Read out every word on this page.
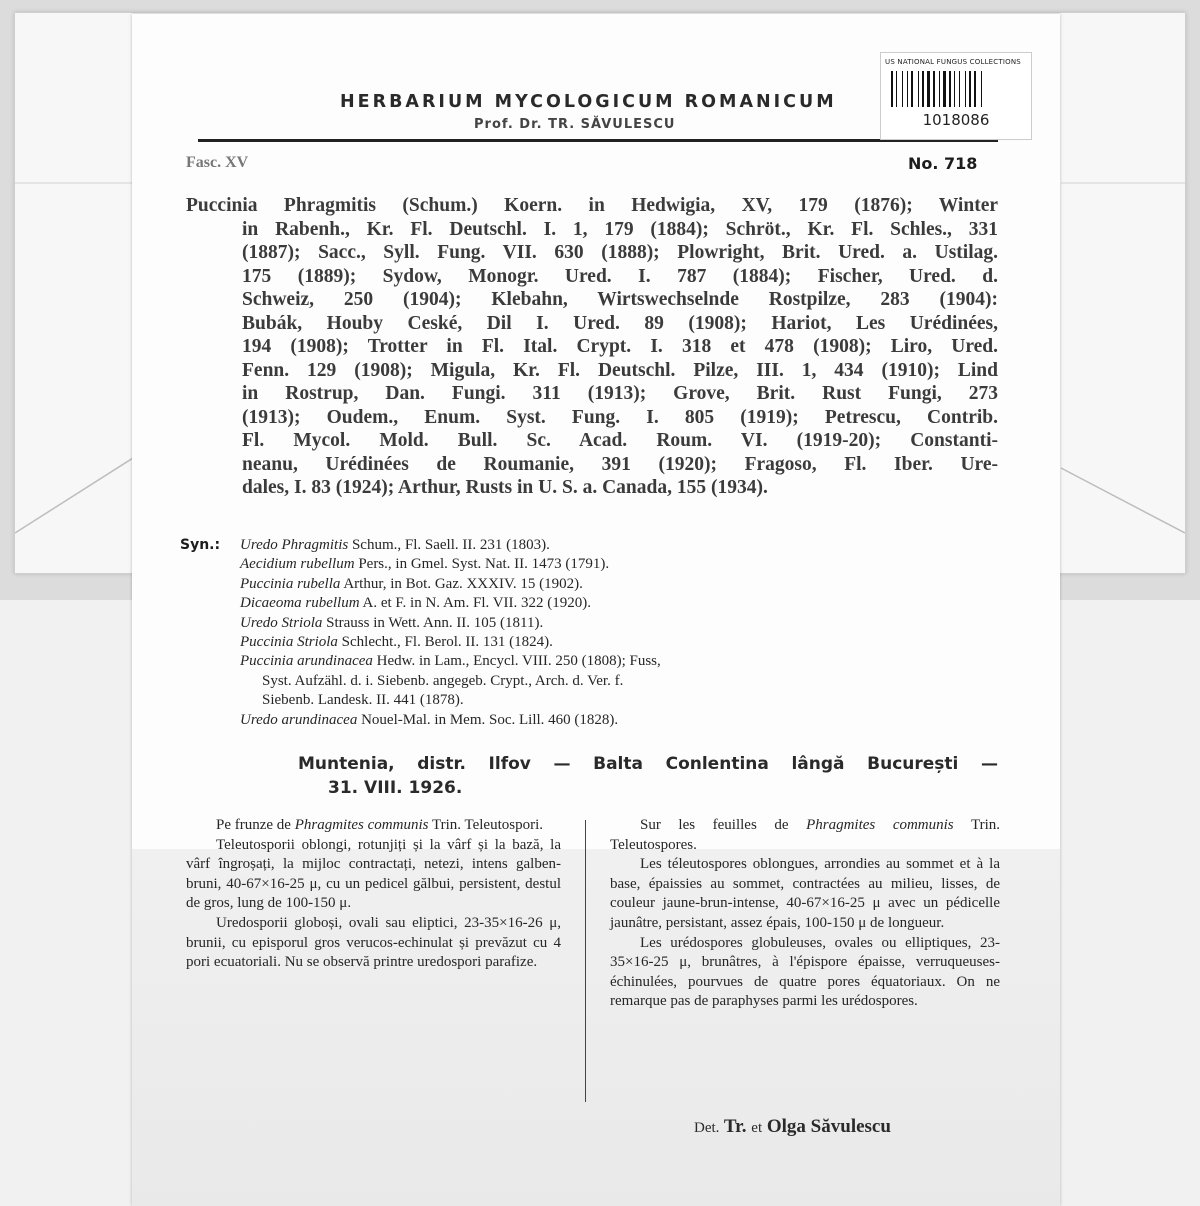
HERBARIUM MYCOLOGICUM ROMANICUM
Prof. Dr. TR. SĂVULESCU
US NATIONAL FUNGUS COLLECTIONS
1018086
Fasc. XV	No. 718

Puccinia Phragmitis (Schum.) Koern. in Hedwigia, XV, 179 (1876); Winter

in Rabenh., Kr. Fl. Deutschl. I. 1, 179 (1884); Schröt., Kr. Fl. Schles., 331

(1887); Sacc., Syll. Fung. VII. 630 (1888); Plowright, Brit. Ured. a. Ustilag.

175 (1889); Sydow, Monogr. Ured. I. 787 (1884); Fischer, Ured. d.

Schweiz, 250 (1904); Klebahn, Wirtswechselnde Rostpilze, 283 (1904):

Bubák, Houby Ceské, Dil I. Ured. 89 (1908); Hariot, Les Urédinées,

194 (1908); Trotter in Fl. Ital. Crypt. I. 318 et 478 (1908); Liro, Ured.

Fenn. 129 (1908); Migula, Kr. Fl. Deutschl. Pilze, III. 1, 434 (1910); Lind

in Rostrup, Dan. Fungi. 311 (1913); Grove, Brit. Rust Fungi, 273

(1913); Oudem., Enum. Syst. Fung. I. 805 (1919); Petrescu, Contrib.

Fl. Mycol. Mold. Bull. Sc. Acad. Roum. VI. (1919-20); Constanti-

neanu, Urédinées de Roumanie, 391 (1920); Fragoso, Fl. Iber. Ure-

dales, I. 83 (1924); Arthur, Rusts in U. S. a. Canada, 155 (1934).

Syn.: Uredo Phragmitis Schum., Fl. Saell. II. 231 (1803).
Aecidium rubellum Pers., in Gmel. Syst. Nat. II. 1473 (1791).
Puccinia rubella Arthur, in Bot. Gaz. XXXIV. 15 (1902).
Dicaeoma rubellum A. et F. in N. Am. Fl. VII. 322 (1920).
Uredo Striola Strauss in Wett. Ann. II. 105 (1811).
Puccinia Striola Schlecht., Fl. Berol. II. 131 (1824).
Puccinia arundinacea Hedw. in Lam., Encycl. VIII. 250 (1808); Fuss,
Syst. Aufzähl. d. i. Siebenb. angegeb. Crypt., Arch. d. Ver. f.
Siebenb. Landesk. II. 441 (1878).
Uredo arundinacea Nouel-Mal. in Mem. Soc. Lill. 460 (1828).
Muntenia, distr. Ilfov — Balta Conlentina lângă București —
31. VIII. 1926.

Pe frunze de Phragmites communis Trin. Teleutospori.

Teleutosporii oblongi, rotunjiți și la vârf și la bază, la vârf îngroșați, la mijloc contractați, netezi, intens galben-bruni, 40-67×16-25 μ, cu un pedicel gălbui, persistent, destul de gros, lung de 100-150 μ.

Uredosporii globoși, ovali sau eliptici, 23-35×16-26 μ, brunii, cu episporul gros verucos-echinulat și prevăzut cu 4 pori ecuatoriali. Nu se observă printre uredospori parafize.

Sur les feuilles de Phragmites communis Trin. Teleutospores.

Les téleutospores oblongues, arrondies au sommet et à la base, épaissies au sommet, contractées au milieu, lisses, de couleur jaune-brun-intense, 40-67×16-25 μ avec un pédicelle jaunâtre, persistant, assez épais, 100-150 μ de longueur.

Les urédospores globuleuses, ovales ou elliptiques, 23-35×16-25 μ, brunâtres, à l'épispore épaisse, verruqueuses-échinulées, pourvues de quatre pores équatoriaux. On ne remarque pas de paraphyses parmi les urédospores.

Det. Tr. et Olga Săvulescu
